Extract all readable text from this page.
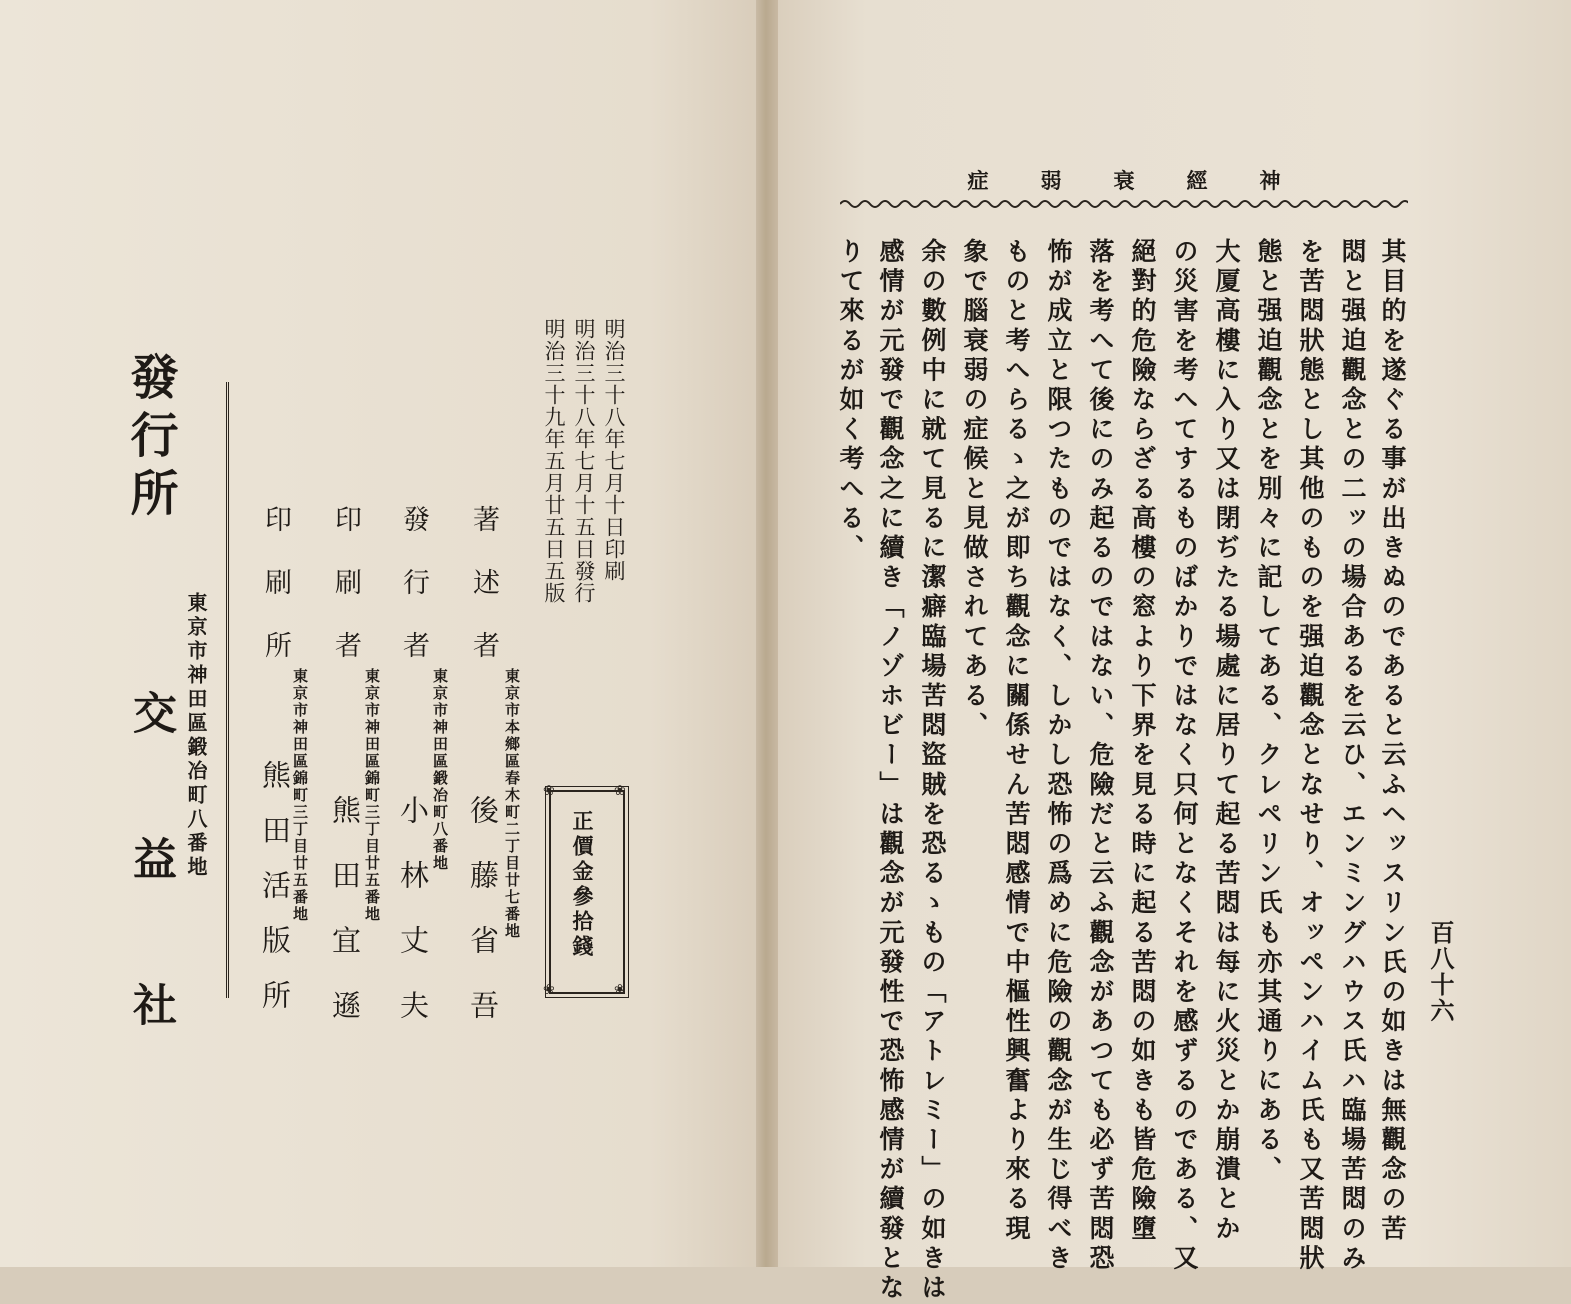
症弱衰經神
百八十六
其目的を遂ぐる事が出きぬのであると云ふヘッスリン氏の如きは無觀念の苦
悶と强迫觀念との二ッの場合あるを云ひ、エンミングハウス氏ハ臨場苦悶のみ
を苦悶狀態とし其他のものを强迫觀念となせり、オッペンハイム氏も又苦悶狀
態と强迫觀念とを別々に記してある、クレペリン氏も亦其通りにある、
大厦高樓に入り又は閉ぢたる場處に居りて起る苦悶は每に火災とか崩潰とか
の災害を考へてするものばかりではなく只何となくそれを感ずるのである、又
絕對的危險ならざる高樓の窓より下界を見る時に起る苦悶の如きも皆危險墮
落を考へて後にのみ起るのではない、危險だと云ふ觀念があつても必ず苦悶恐
怖が成立と限つたものではなく、しかし恐怖の爲めに危險の觀念が生じ得べき
ものと考へらるゝ之が即ち觀念に關係せん苦悶感情で中樞性興奮より來る現
象で腦衰弱の症候と見做されてある、
余の數例中に就て見るに潔癖臨場苦悶盜賊を恐るゝもの「アトレミー」の如きは
感情が元發で觀念之に續き「ノゾホビー」は觀念が元發性で恐怖感情が續發とな
りて來るが如く考へる、
明治三十八年七月十日印刷
明治三十八年七月十五日發行
明治三十九年五月廿五日五版
❀	❀
❀	❀
正價金參拾錢
著述者
東京市本鄉區春木町二丁目廿七番地
後藤省吾
發行者
東京市神田區鍛冶町八番地
小林丈夫
印刷者
東京市神田區錦町三丁目廿五番地
熊田宜遜
印刷所
東京市神田區錦町三丁目廿五番地
熊田活版所
發行所
東京市神田區鍛冶町八番地
交益社
